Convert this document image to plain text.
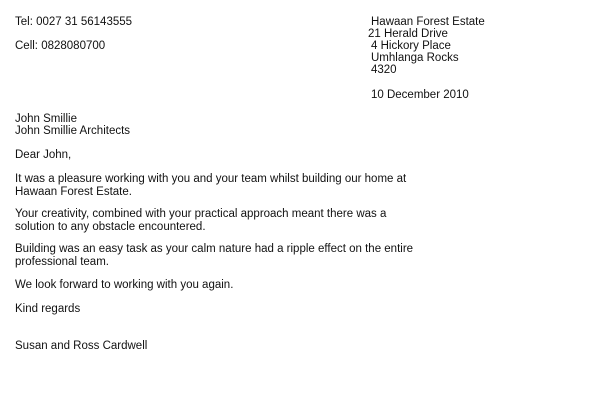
Tel: 0027 31 56143555
Cell: 0828080700
Hawaan Forest Estate
21 Herald Drive
4 Hickory Place
Umhlanga Rocks
4320
10 December 2010
John Smillie
John Smillie Architects
Dear John,
It was a pleasure working with you and your team whilst building our home at
Hawaan Forest Estate.
Your creativity, combined with your practical approach meant there was a
solution to any obstacle encountered.
Building was an easy task as your calm nature had a ripple effect on the entire
professional team.
We look forward to working with you again.
Kind regards
Susan and Ross Cardwell
